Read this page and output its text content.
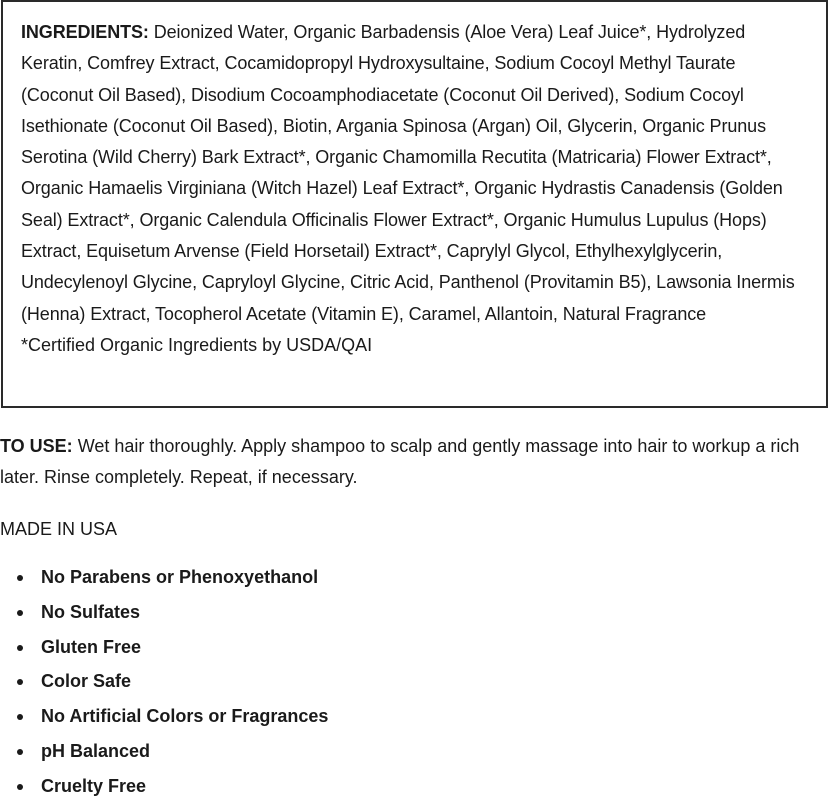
INGREDIENTS: Deionized Water, Organic Barbadensis (Aloe Vera) Leaf Juice*, Hydrolyzed Keratin, Comfrey Extract, Cocamidopropyl Hydroxysultaine, Sodium Cocoyl Methyl Taurate (Coconut Oil Based), Disodium Cocoamphodiacetate (Coconut Oil Derived), Sodium Cocoyl Isethionate (Coconut Oil Based), Biotin, Argania Spinosa (Argan) Oil, Glycerin, Organic Prunus Serotina (Wild Cherry) Bark Extract*, Organic Chamomilla Recutita (Matricaria) Flower Extract*, Organic Hamaelis Virginiana (Witch Hazel) Leaf Extract*, Organic Hydrastis Canadensis (Golden Seal) Extract*, Organic Calendula Officinalis Flower Extract*, Organic Humulus Lupulus (Hops) Extract, Equisetum Arvense (Field Horsetail) Extract*, Caprylyl Glycol, Ethylhexylglycerin, Undecylenoyl Glycine, Capryloyl Glycine, Citric Acid, Panthenol (Provitamin B5), Lawsonia Inermis (Henna) Extract, Tocopherol Acetate (Vitamin E), Caramel, Allantoin, Natural Fragrance

*Certified Organic Ingredients by USDA/QAI

TO USE: Wet hair thoroughly. Apply shampoo to scalp and gently massage into hair to workup a rich later. Rinse completely. Repeat, if necessary.

MADE IN USA

No Parabens or Phenoxyethanol
No Sulfates
Gluten Free
Color Safe
No Artificial Colors or Fragrances
pH Balanced
Cruelty Free
